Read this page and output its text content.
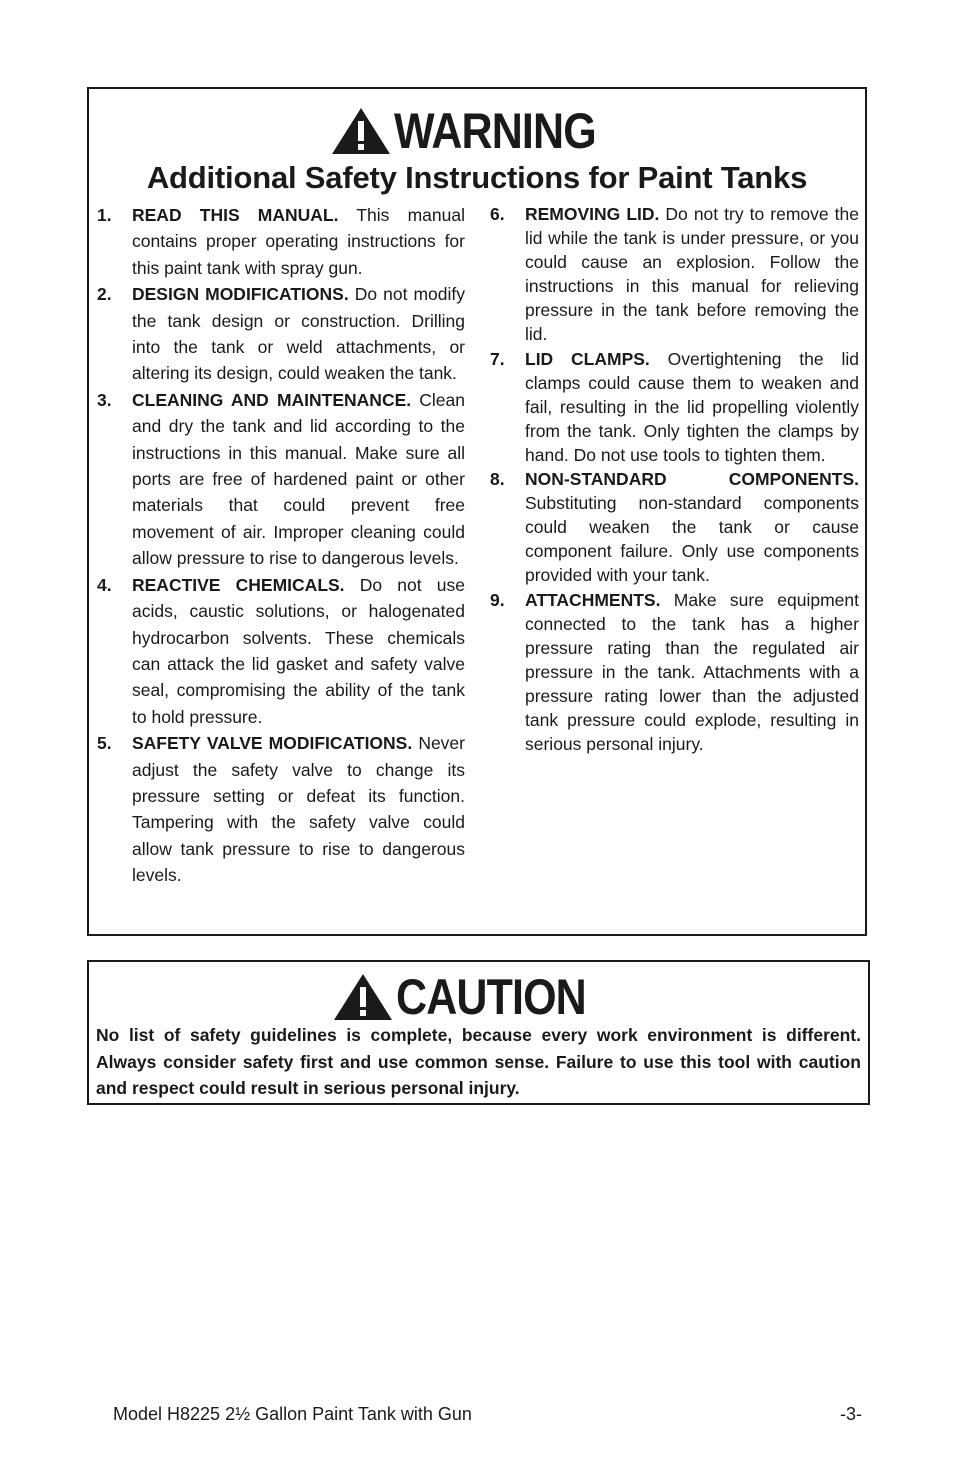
WARNING
Additional Safety Instructions for Paint Tanks
1.	READ THIS MANUAL. This manual contains proper operating instructions for this paint tank with spray gun.
2.	DESIGN MODIFICATIONS. Do not modify the tank design or construction. Drilling into the tank or weld attachments, or altering its design, could weaken the tank.
3.	CLEANING AND MAINTENANCE. Clean and dry the tank and lid according to the instructions in this manual. Make sure all ports are free of hardened paint or other materials that could prevent free movement of air. Improper cleaning could allow pressure to rise to dangerous levels.
4.	REACTIVE CHEMICALS. Do not use acids, caustic solutions, or halogenated hydrocarbon solvents. These chemicals can attack the lid gasket and safety valve seal, compromising the ability of the tank to hold pressure.
5.	SAFETY VALVE MODIFICATIONS. Never adjust the safety valve to change its pressure setting or defeat its function. Tampering with the safety valve could allow tank pressure to rise to dangerous levels.
6.	REMOVING LID. Do not try to remove the lid while the tank is under pressure, or you could cause an explosion. Follow the instructions in this manual for relieving pressure in the tank before removing the lid.
7.	LID CLAMPS. Overtightening the lid clamps could cause them to weaken and fail, resulting in the lid propelling violently from the tank. Only tighten the clamps by hand. Do not use tools to tighten them.
8.	NON-STANDARD COMPONENTS. Substituting non-standard components could weaken the tank or cause component failure. Only use components provided with your tank.
9.	ATTACHMENTS. Make sure equipment connected to the tank has a higher pressure rating than the regulated air pressure in the tank. Attachments with a pressure rating lower than the adjusted tank pressure could explode, resulting in serious personal injury.
CAUTION
No list of safety guidelines is complete, because every work environment is different. Always consider safety first and use common sense. Failure to use this tool with caution and respect could result in serious personal injury.
Model H8225 2½ Gallon Paint Tank with Gun	-3-
